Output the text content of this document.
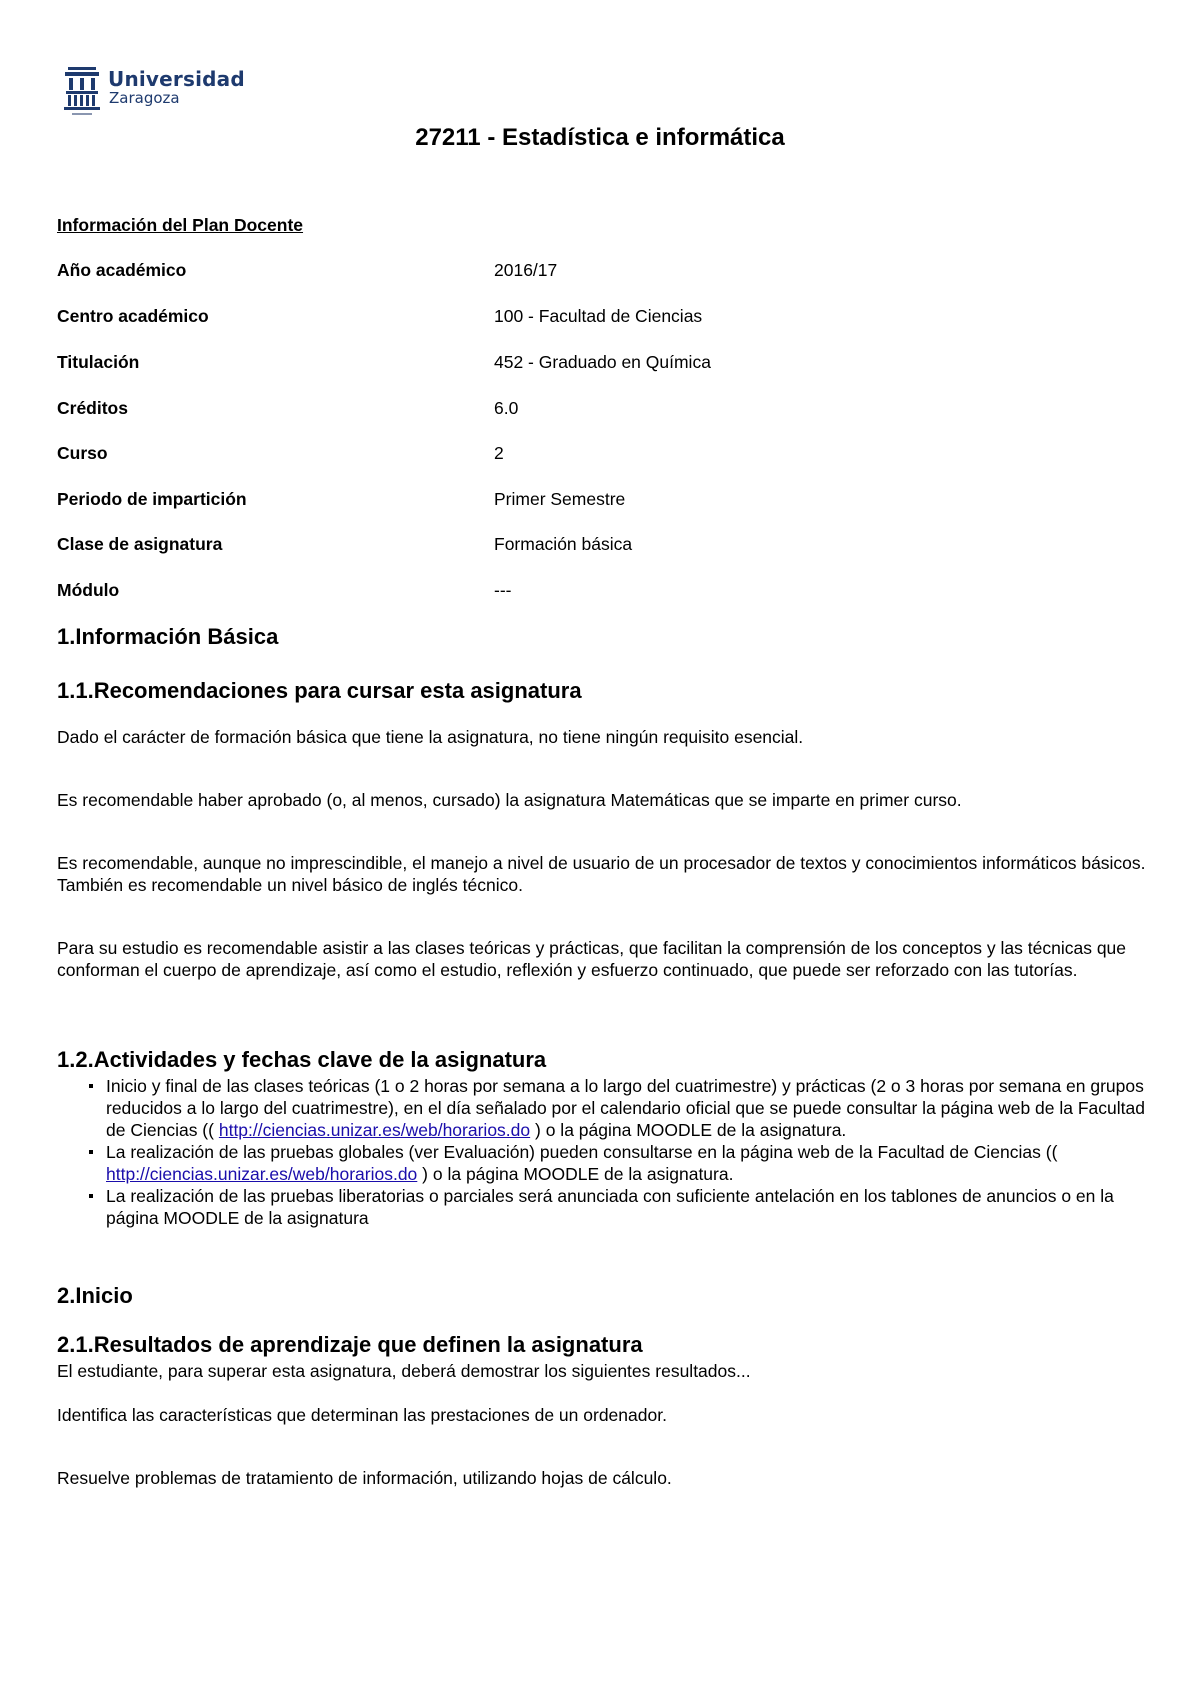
Universidad
Zaragoza
27211 - Estadística e informática
Información del Plan Docente
Año académico	2016/17
Centro académico	100 - Facultad de Ciencias
Titulación	452 - Graduado en Química
Créditos	6.0
Curso	2
Periodo de impartición	Primer Semestre
Clase de asignatura	Formación básica
Módulo	---
1.Información Básica
1.1.Recomendaciones para cursar esta asignatura
Dado el carácter de formación básica que tiene la asignatura, no tiene ningún requisito esencial.
Es recomendable haber aprobado (o, al menos, cursado) la asignatura Matemáticas que se imparte en primer curso.
Es recomendable, aunque no imprescindible, el manejo a nivel de usuario de un procesador de textos y conocimientos informáticos básicos. También es recomendable un nivel básico de inglés técnico.
Para su estudio es recomendable asistir a las clases teóricas y prácticas, que facilitan la comprensión de los conceptos y las técnicas que conforman el cuerpo de aprendizaje, así como el estudio, reflexión y esfuerzo continuado, que puede ser reforzado con las tutorías.
1.2.Actividades y fechas clave de la asignatura
Inicio y final de las clases teóricas (1 o 2 horas por semana a lo largo del cuatrimestre) y prácticas (2 o 3 horas por semana en grupos reducidos a lo largo del cuatrimestre), en el día señalado por el calendario oficial que se puede consultar la página web de la Facultad de Ciencias (( http://ciencias.unizar.es/web/horarios.do ) o la página MOODLE de la asignatura.
La realización de las pruebas globales (ver Evaluación) pueden consultarse en la página web de la Facultad de Ciencias (( http://ciencias.unizar.es/web/horarios.do ) o la página MOODLE de la asignatura.
La realización de las pruebas liberatorias o parciales será anunciada con suficiente antelación en los tablones de anuncios o en la página MOODLE de la asignatura
2.Inicio
2.1.Resultados de aprendizaje que definen la asignatura
El estudiante, para superar esta asignatura, deberá demostrar los siguientes resultados...
Identifica las características que determinan las prestaciones de un ordenador.
Resuelve problemas de tratamiento de información, utilizando hojas de cálculo.
